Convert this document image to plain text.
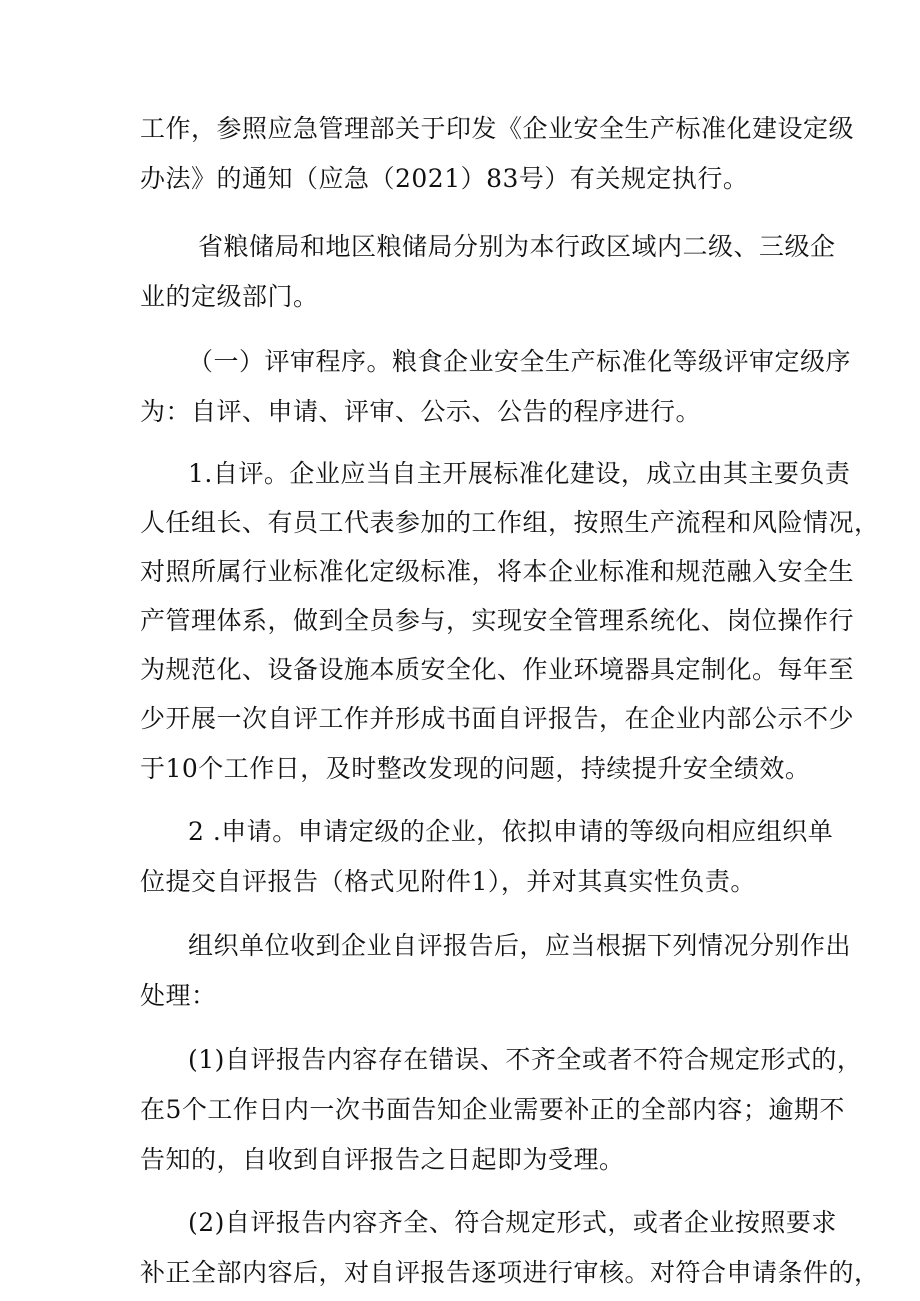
工作，参照应急管理部关于印发《企业安全生产标准化建设定级

办法》的通知（应急（2021）83号）有关规定执行。

省粮储局和地区粮储局分别为本行政区域内二级、三级企

业的定级部门。

（一）评审程序。粮食企业安全生产标准化等级评审定级序

为：自评、申请、评审、公示、公告的程序进行。

1.自评。企业应当自主开展标准化建设，成立由其主要负责

人任组长、有员工代表参加的工作组，按照生产流程和风险情况，

对照所属行业标准化定级标准，将本企业标准和规范融入安全生

产管理体系，做到全员参与，实现安全管理系统化、岗位操作行

为规范化、设备设施本质安全化、作业环境器具定制化。每年至

少开展一次自评工作并形成书面自评报告，在企业内部公示不少

于10个工作日，及时整改发现的问题，持续提升安全绩效。

2 .申请。申请定级的企业，依拟申请的等级向相应组织单

位提交自评报告（格式见附件1），并对其真实性负责。

组织单位收到企业自评报告后，应当根据下列情况分别作出

处理：

(1)自评报告内容存在错误、不齐全或者不符合规定形式的，

在5个工作日内一次书面告知企业需要补正的全部内容；逾期不

告知的，自收到自评报告之日起即为受理。

(2)自评报告内容齐全、符合规定形式，或者企业按照要求

补正全部内容后，对自评报告逐项进行审核。对符合申请条件的，
